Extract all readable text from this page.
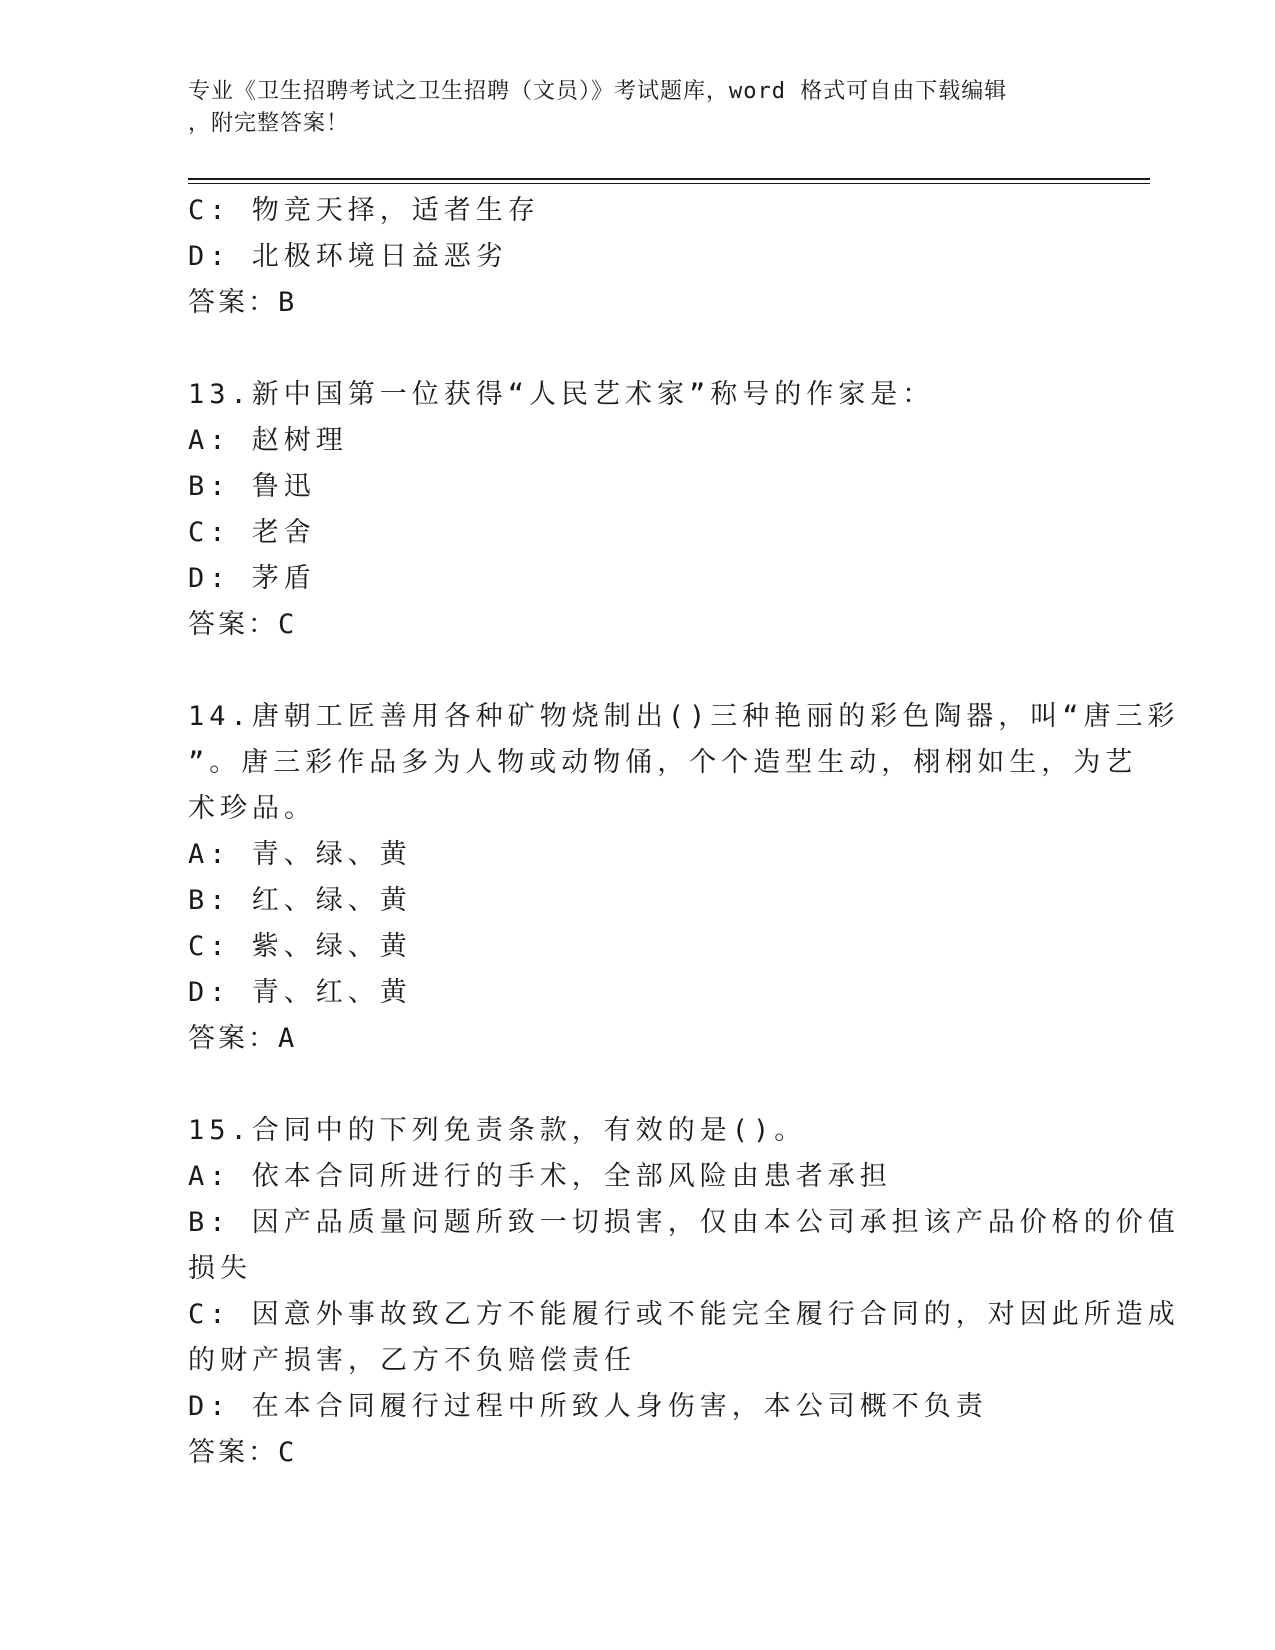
专业《卫生招聘考试之卫生招聘（文员）》考试题库，word 格式可自由下载编辑
，附完整答案！
C: 物竞天择，适者生存
D: 北极环境日益恶劣
答案：B
13.新中国第一位获得“人民艺术家”称号的作家是：
A: 赵树理
B: 鲁迅
C: 老舍
D: 茅盾
答案：C
14.唐朝工匠善用各种矿物烧制出()三种艳丽的彩色陶器，叫“唐三彩
”。唐三彩作品多为人物或动物俑，个个造型生动，栩栩如生，为艺
术珍品。
A: 青、绿、黄
B: 红、绿、黄
C: 紫、绿、黄
D: 青、红、黄
答案：A
15.合同中的下列免责条款，有效的是()。
A: 依本合同所进行的手术，全部风险由患者承担
B: 因产品质量问题所致一切损害，仅由本公司承担该产品价格的价值
损失
C: 因意外事故致乙方不能履行或不能完全履行合同的，对因此所造成
的财产损害，乙方不负赔偿责任
D: 在本合同履行过程中所致人身伤害，本公司概不负责
答案：C
